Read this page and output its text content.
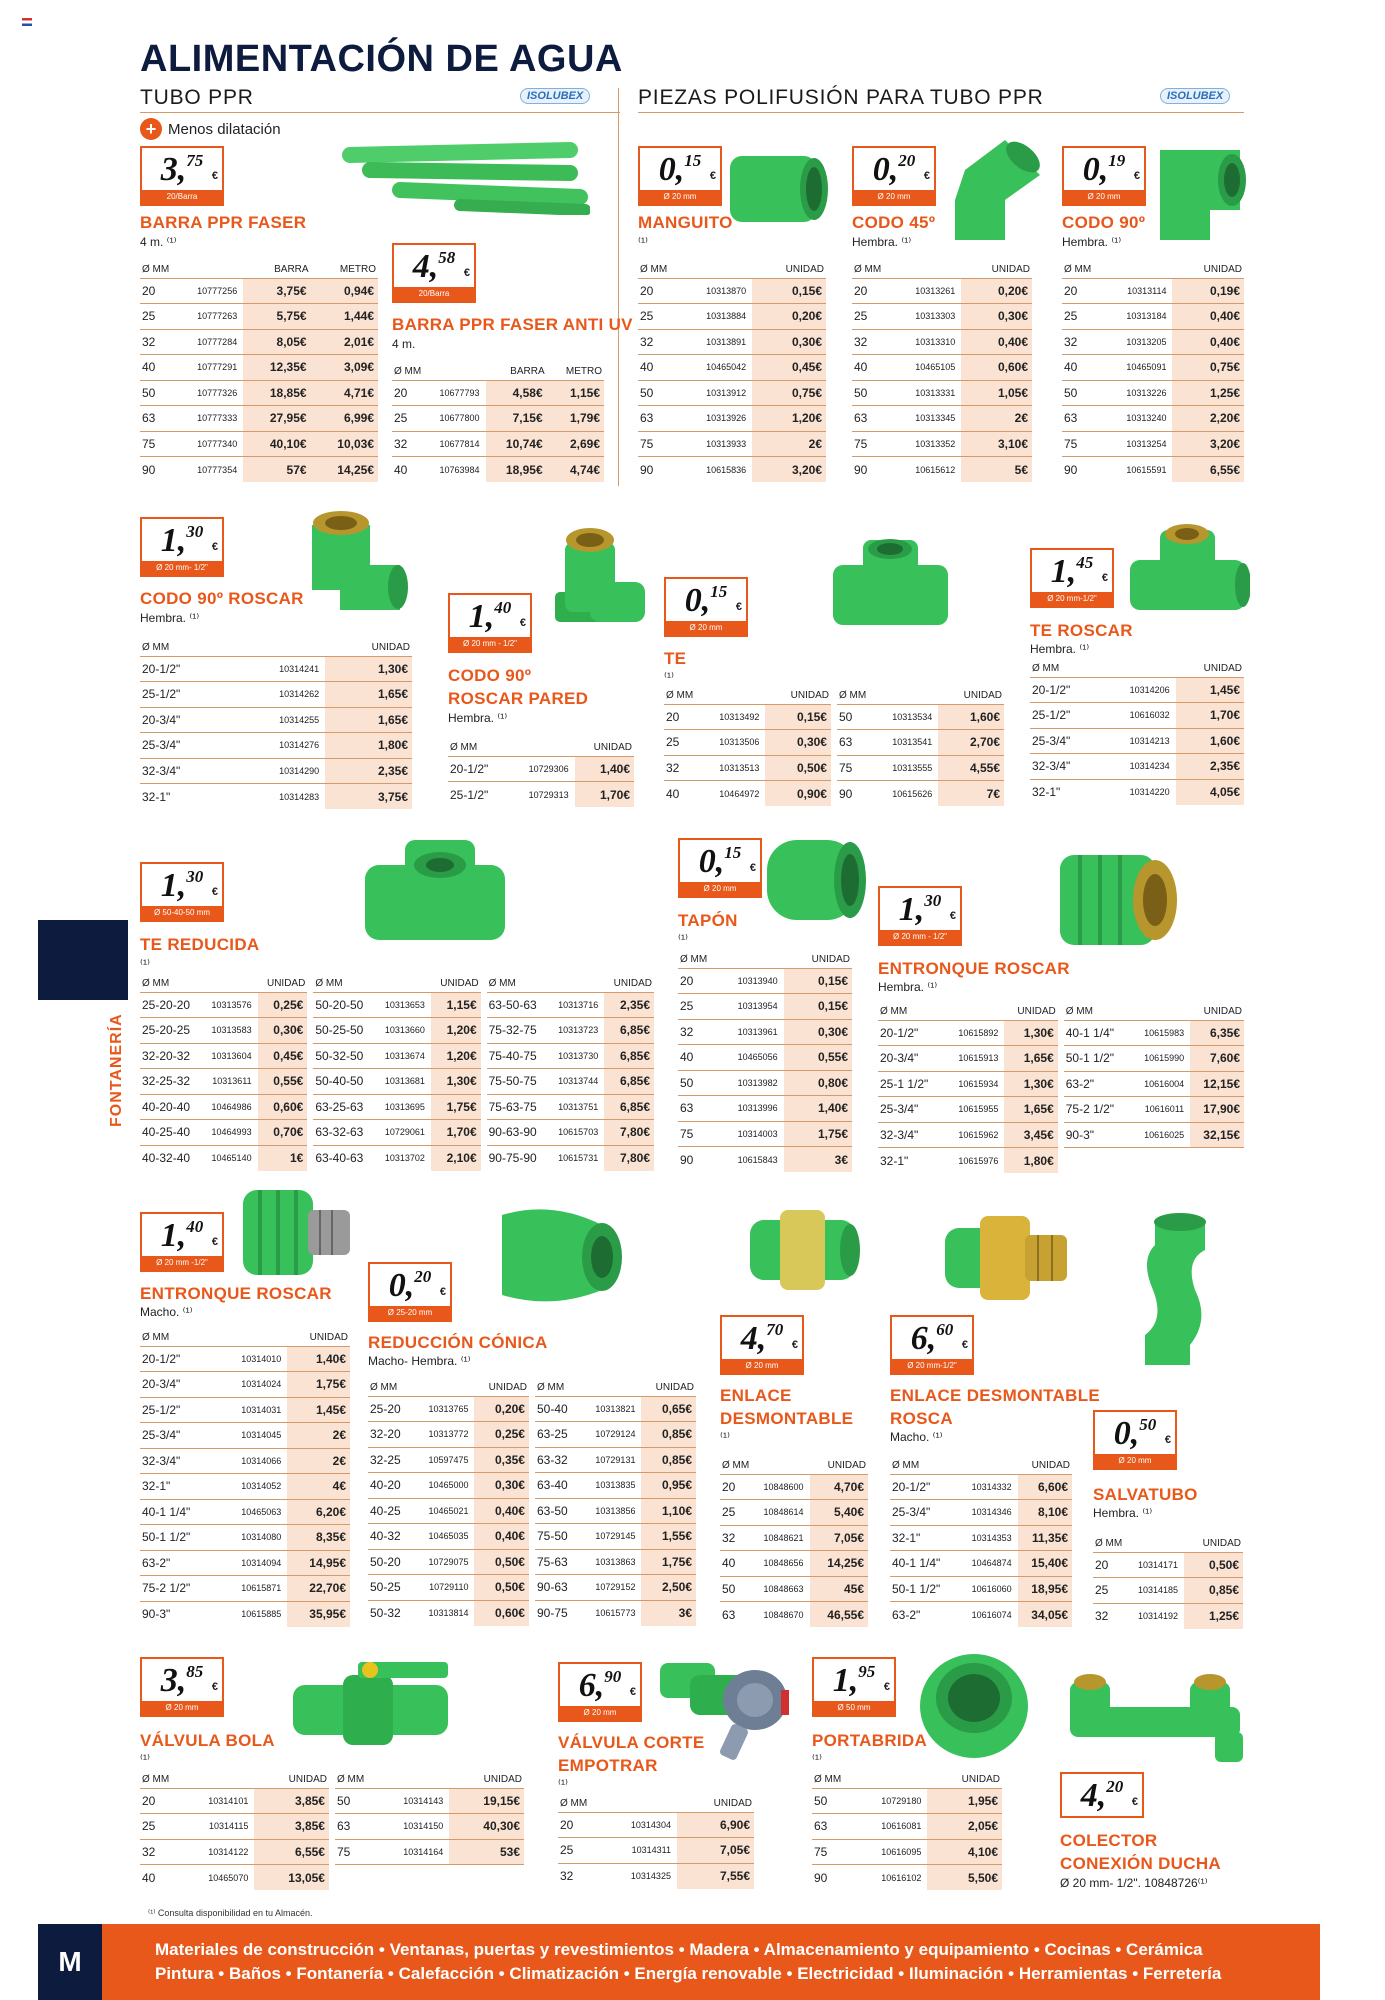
ALIMENTACIÓN DE AGUA
TUBO PPR	ISOLUBEX	PIEZAS POLIFUSIÓN PARA TUBO PPR	ISOLUBEX
+ Menos dilatación
FONTANERÍA
3,75
€
20/Barra
BARRA PPR FASER
4 m. ⁽¹⁾
Ø MM		BARRA	METRO
20	10777256	3,75€	0,94€
25	10777263	5,75€	1,44€
32	10777284	8,05€	2,01€
40	10777291	12,35€	3,09€
50	10777326	18,85€	4,71€
63	10777333	27,95€	6,99€
75	10777340	40,10€	10,03€
90	10777354	57€	14,25€
4,58
€
20/Barra
BARRA PPR FASER ANTI UV
4 m.
Ø MM		BARRA	METRO
20	10677793	4,58€	1,15€
25	10677800	7,15€	1,79€
32	10677814	10,74€	2,69€
40	10763984	18,95€	4,74€
0,15
€
Ø 20 mm
MANGUITO
⁽¹⁾
Ø MM		UNIDAD
20	10313870	0,15€
25	10313884	0,20€
32	10313891	0,30€
40	10465042	0,45€
50	10313912	0,75€
63	10313926	1,20€
75	10313933	2€
90	10615836	3,20€
0,20
€
Ø 20 mm
CODO 45º
Hembra. ⁽¹⁾
Ø MM		UNIDAD
20	10313261	0,20€
25	10313303	0,30€
32	10313310	0,40€
40	10465105	0,60€
50	10313331	1,05€
63	10313345	2€
75	10313352	3,10€
90	10615612	5€
0,19
€
Ø 20 mm
CODO 90º
Hembra. ⁽¹⁾
Ø MM		UNIDAD
20	10313114	0,19€
25	10313184	0,40€
32	10313205	0,40€
40	10465091	0,75€
50	10313226	1,25€
63	10313240	2,20€
75	10313254	3,20€
90	10615591	6,55€
1,30
€
Ø 20 mm- 1/2"
CODO 90º ROSCAR
Hembra. ⁽¹⁾
Ø MM		UNIDAD
20-1/2"	10314241	1,30€
25-1/2"	10314262	1,65€
20-3/4"	10314255	1,65€
25-3/4"	10314276	1,80€
32-3/4"	10314290	2,35€
32-1"	10314283	3,75€
1,40
€
Ø 20 mm - 1/2"
CODO 90º
ROSCAR PARED
Hembra. ⁽¹⁾
Ø MM		UNIDAD
20-1/2"	10729306	1,40€
25-1/2"	10729313	1,70€
0,15
€
Ø 20 mm
TE
⁽¹⁾
Ø MM		UNIDAD		Ø MM		UNIDAD
20	10313492	0,15€		50	10313534	1,60€
25	10313506	0,30€		63	10313541	2,70€
32	10313513	0,50€		75	10313555	4,55€
40	10464972	0,90€		90	10615626	7€
1,45
€
Ø 20 mm-1/2"
TE ROSCAR
Hembra. ⁽¹⁾
Ø MM		UNIDAD
20-1/2"	10314206	1,45€
25-1/2"	10616032	1,70€
25-3/4"	10314213	1,60€
32-3/4"	10314234	2,35€
32-1"	10314220	4,05€
1,30
€
Ø 50-40-50 mm
TE REDUCIDA
⁽¹⁾
Ø MM		UNIDAD		Ø MM		UNIDAD		Ø MM		UNIDAD
25-20-20	10313576	0,25€		50-20-50	10313653	1,15€		63-50-63	10313716	2,35€
25-20-25	10313583	0,30€		50-25-50	10313660	1,20€		75-32-75	10313723	6,85€
32-20-32	10313604	0,45€		50-32-50	10313674	1,20€		75-40-75	10313730	6,85€
32-25-32	10313611	0,55€		50-40-50	10313681	1,30€		75-50-75	10313744	6,85€
40-20-40	10464986	0,60€		63-25-63	10313695	1,75€		75-63-75	10313751	6,85€
40-25-40	10464993	0,70€		63-32-63	10729061	1,70€		90-63-90	10615703	7,80€
40-32-40	10465140	1€		63-40-63	10313702	2,10€		90-75-90	10615731	7,80€
0,15
€
Ø 20 mm
TAPÓN
⁽¹⁾
Ø MM		UNIDAD
20	10313940	0,15€
25	10313954	0,15€
32	10313961	0,30€
40	10465056	0,55€
50	10313982	0,80€
63	10313996	1,40€
75	10314003	1,75€
90	10615843	3€
1,30
€
Ø 20 mm - 1/2"
ENTRONQUE ROSCAR
Hembra. ⁽¹⁾
Ø MM		UNIDAD		Ø MM		UNIDAD
20-1/2"	10615892	1,30€		40-1 1/4"	10615983	6,35€
20-3/4"	10615913	1,65€		50-1 1/2"	10615990	7,60€
25-1 1/2"	10615934	1,30€		63-2"	10616004	12,15€
25-3/4"	10615955	1,65€		75-2 1/2"	10616011	17,90€
32-3/4"	10615962	3,45€		90-3"	10616025	32,15€
32-1"	10615976	1,80€				
1,40
€
Ø 20 mm -1/2"
ENTRONQUE ROSCAR
Macho. ⁽¹⁾
Ø MM		UNIDAD
20-1/2"	10314010	1,40€
20-3/4"	10314024	1,75€
25-1/2"	10314031	1,45€
25-3/4"	10314045	2€
32-3/4"	10314066	2€
32-1"	10314052	4€
40-1 1/4"	10465063	6,20€
50-1 1/2"	10314080	8,35€
63-2"	10314094	14,95€
75-2 1/2"	10615871	22,70€
90-3"	10615885	35,95€
0,20
€
Ø 25-20 mm
REDUCCIÓN CÓNICA
Macho- Hembra. ⁽¹⁾
Ø MM		UNIDAD		Ø MM		UNIDAD
25-20	10313765	0,20€		50-40	10313821	0,65€
32-20	10313772	0,25€		63-25	10729124	0,85€
32-25	10597475	0,35€		63-32	10729131	0,85€
40-20	10465000	0,30€		63-40	10313835	0,95€
40-25	10465021	0,40€		63-50	10313856	1,10€
40-32	10465035	0,40€		75-50	10729145	1,55€
50-20	10729075	0,50€		75-63	10313863	1,75€
50-25	10729110	0,50€		90-63	10729152	2,50€
50-32	10313814	0,60€		90-75	10615773	3€
4,70
€
Ø 20 mm
ENLACE
DESMONTABLE
⁽¹⁾
Ø MM		UNIDAD
20	10848600	4,70€
25	10848614	5,40€
32	10848621	7,05€
40	10848656	14,25€
50	10848663	45€
63	10848670	46,55€
6,60
€
Ø 20 mm-1/2"
ENLACE DESMONTABLE
ROSCA
Macho. ⁽¹⁾
Ø MM		UNIDAD
20-1/2"	10314332	6,60€
25-3/4"	10314346	8,10€
32-1"	10314353	11,35€
40-1 1/4"	10464874	15,40€
50-1 1/2"	10616060	18,95€
63-2"	10616074	34,05€
0,50
€
Ø 20 mm
SALVATUBO
Hembra. ⁽¹⁾
Ø MM		UNIDAD
20	10314171	0,50€
25	10314185	0,85€
32	10314192	1,25€
3,85
€
Ø 20 mm
VÁLVULA BOLA
⁽¹⁾
Ø MM		UNIDAD		Ø MM		UNIDAD
20	10314101	3,85€		50	10314143	19,15€
25	10314115	3,85€		63	10314150	40,30€
32	10314122	6,55€		75	10314164	53€
40	10465070	13,05€				
6,90
€
Ø 20 mm
VÁLVULA CORTE
EMPOTRAR
⁽¹⁾
Ø MM		UNIDAD
20	10314304	6,90€
25	10314311	7,05€
32	10314325	7,55€
1,95
€
Ø 50 mm
PORTABRIDA
⁽¹⁾
Ø MM		UNIDAD
50	10729180	1,95€
63	10616081	2,05€
75	10616095	4,10€
90	10616102	5,50€
4,20
€
COLECTOR
CONEXIÓN DUCHA
Ø 20 mm- 1/2". 10848726⁽¹⁾
⁽¹⁾ Consulta disponibilidad en tu Almacén.
M	Materiales de construcción • Ventanas, puertas y revestimientos • Madera • Almacenamiento y equipamiento • Cocinas • Cerámica
Pintura • Baños • Fontanería • Calefacción • Climatización • Energía renovable • Electricidad • Iluminación • Herramientas • Ferretería
